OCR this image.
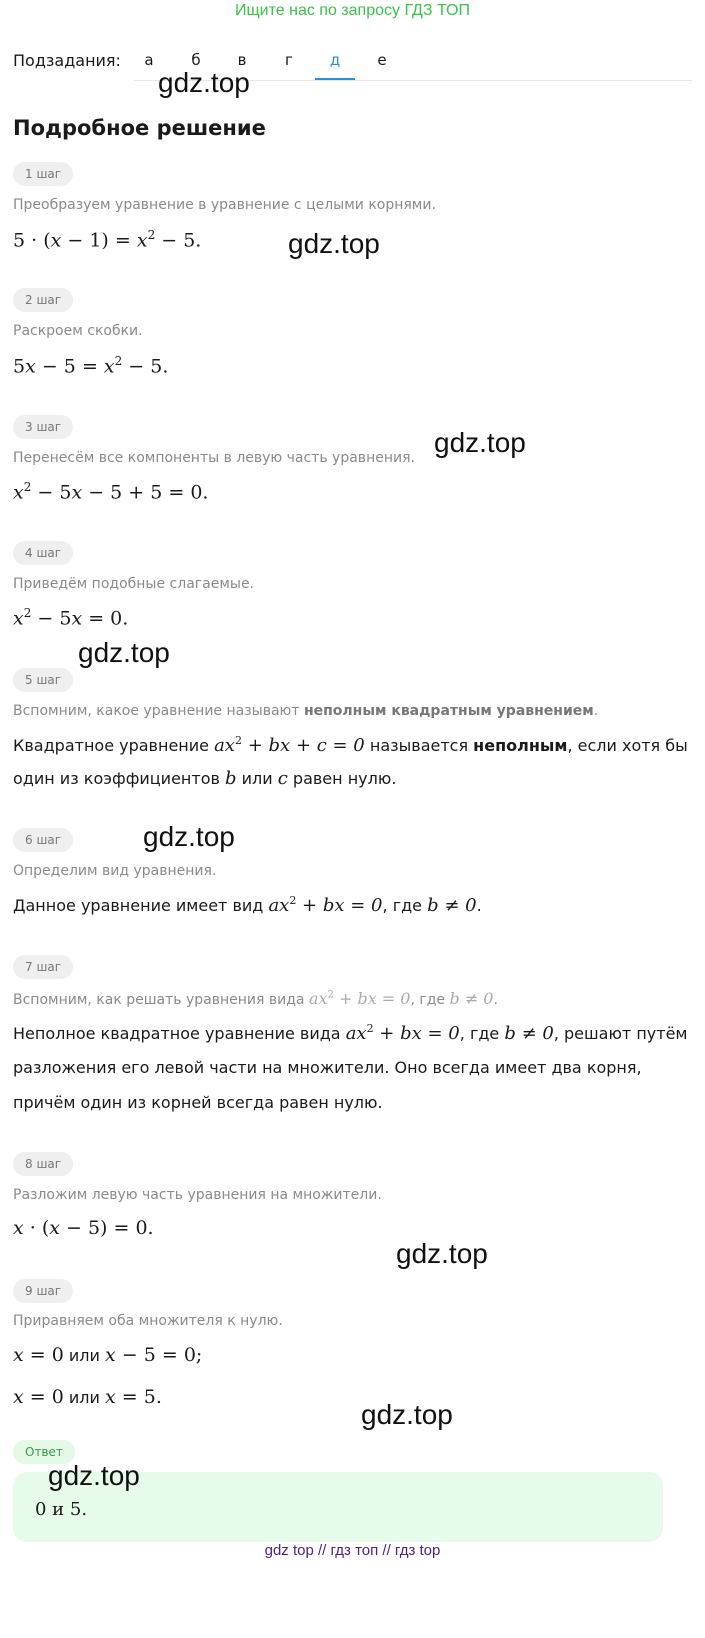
Ищите нас по запросу ГДЗ ТОП
Подзадания:	а	б	в	г	д	е
Подробное решение
1 шаг
Преобразуем уравнение в уравнение с целыми корнями.
$5 \cdot (x - 1) = x^2 - 5$.
2 шаг
Раскроем скобки.
$5x - 5 = x^2 - 5$.
3 шаг
Перенесём все компоненты в левую часть уравнения.
$x^2 - 5x - 5 + 5 = 0$.
4 шаг
Приведём подобные слагаемые.
$x^2 - 5x = 0$.
5 шаг
Вспомним, какое уравнение называют неполным квадратным уравнением.
Квадратное уравнение $ax^2$ + bx + c = 0 называется неполным, если хотя бы
один из коэффициентов b или c равен нулю.
6 шаг
Определим вид уравнения.
Данное уравнение имеет вид $ax^2$ + bx = 0, где b ≠ 0.
7 шаг
Вспомним, как решать уравнения вида $ax^2$ + bx = 0, где b ≠ 0.
Неполное квадратное уравнение вида $ax^2$ + bx = 0, где b ≠ 0, решают путём
разложения его левой части на множители. Оно всегда имеет два корня,
причём один из корней всегда равен нулю.
8 шаг
Разложим левую часть уравнения на множители.
x · (x − 5) = 0.
9 шаг
Приравняем оба множителя к нулю.
x = 0 или x − 5 = 0;
x = 0 или x = 5.
Ответ
0 и 5.
gdz.top
gdz.top
gdz.top
gdz.top
gdz.top
gdz.top
gdz.top
gdz.top
gdz top // гдз топ // гдз top
